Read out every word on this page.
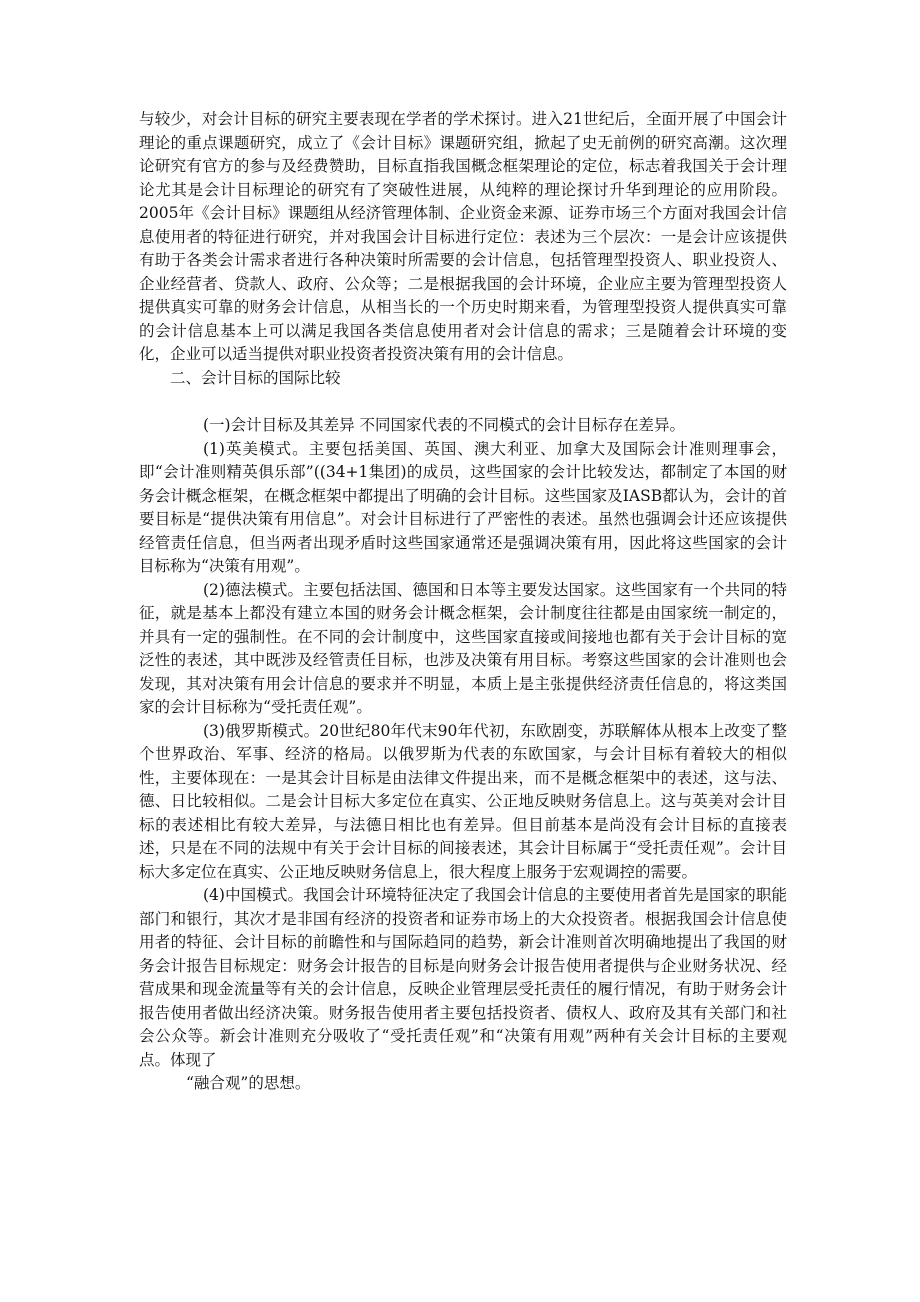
与较少，对会计目标的研究主要表现在学者的学术探讨。进入21世纪后，全面开展了中国会计理论的重点课题研究，成立了《会计目标》课题研究组，掀起了史无前例的研究高潮。这次理论研究有官方的参与及经费赞助，目标直指我国概念框架理论的定位，标志着我国关于会计理论尤其是会计目标理论的研究有了突破性进展，从纯粹的理论探讨升华到理论的应用阶段。2005年《会计目标》课题组从经济管理体制、企业资金来源、证券市场三个方面对我国会计信息使用者的特征进行研究，并对我国会计目标进行定位：表述为三个层次：一是会计应该提供有助于各类会计需求者进行各种决策时所需要的会计信息，包括管理型投资人、职业投资人、企业经营者、贷款人、政府、公众等；二是根据我国的会计环境，企业应主要为管理型投资人提供真实可靠的财务会计信息，从相当长的一个历史时期来看，为管理型投资人提供真实可靠的会计信息基本上可以满足我国各类信息使用者对会计信息的需求；三是随着会计环境的变化，企业可以适当提供对职业投资者投资决策有用的会计信息。

二、会计目标的国际比较

(一)会计目标及其差异 不同国家代表的不同模式的会计目标存在差异。

(1)英美模式。主要包括美国、英国、澳大利亚、加拿大及国际会计准则理事会，即“会计准则精英俱乐部”((34+1集团)的成员，这些国家的会计比较发达，都制定了本国的财务会计概念框架，在概念框架中都提出了明确的会计目标。这些国家及IASB都认为，会计的首要目标是“提供决策有用信息”。对会计目标进行了严密性的表述。虽然也强调会计还应该提供经管责任信息，但当两者出现矛盾时这些国家通常还是强调决策有用，因此将这些国家的会计目标称为“决策有用观”。

(2)德法模式。主要包括法国、德国和日本等主要发达国家。这些国家有一个共同的特征，就是基本上都没有建立本国的财务会计概念框架，会计制度往往都是由国家统一制定的，并具有一定的强制性。在不同的会计制度中，这些国家直接或间接地也都有关于会计目标的宽泛性的表述，其中既涉及经管责任目标，也涉及决策有用目标。考察这些国家的会计准则也会发现，其对决策有用会计信息的要求并不明显，本质上是主张提供经济责任信息的，将这类国家的会计目标称为“受托责任观”。

(3)俄罗斯模式。20世纪80年代末90年代初，东欧剧变，苏联解体从根本上改变了整个世界政治、军事、经济的格局。以俄罗斯为代表的东欧国家，与会计目标有着较大的相似性，主要体现在：一是其会计目标是由法律文件提出来，而不是概念框架中的表述，这与法、德、日比较相似。二是会计目标大多定位在真实、公正地反映财务信息上。这与英美对会计目标的表述相比有较大差异，与法德日相比也有差异。但目前基本是尚没有会计目标的直接表述，只是在不同的法规中有关于会计目标的间接表述，其会计目标属于“受托责任观”。会计目标大多定位在真实、公正地反映财务信息上，很大程度上服务于宏观调控的需要。

(4)中国模式。我国会计环境特征决定了我国会计信息的主要使用者首先是国家的职能部门和银行，其次才是非国有经济的投资者和证券市场上的大众投资者。根据我国会计信息使用者的特征、会计目标的前瞻性和与国际趋同的趋势，新会计准则首次明确地提出了我国的财务会计报告目标规定：财务会计报告的目标是向财务会计报告使用者提供与企业财务状况、经营成果和现金流量等有关的会计信息，反映企业管理层受托责任的履行情况，有助于财务会计报告使用者做出经济决策。财务报告使用者主要包括投资者、债权人、政府及其有关部门和社会公众等。新会计准则充分吸收了“受托责任观”和“决策有用观”两种有关会计目标的主要观点。体现了

“融合观”的思想。
